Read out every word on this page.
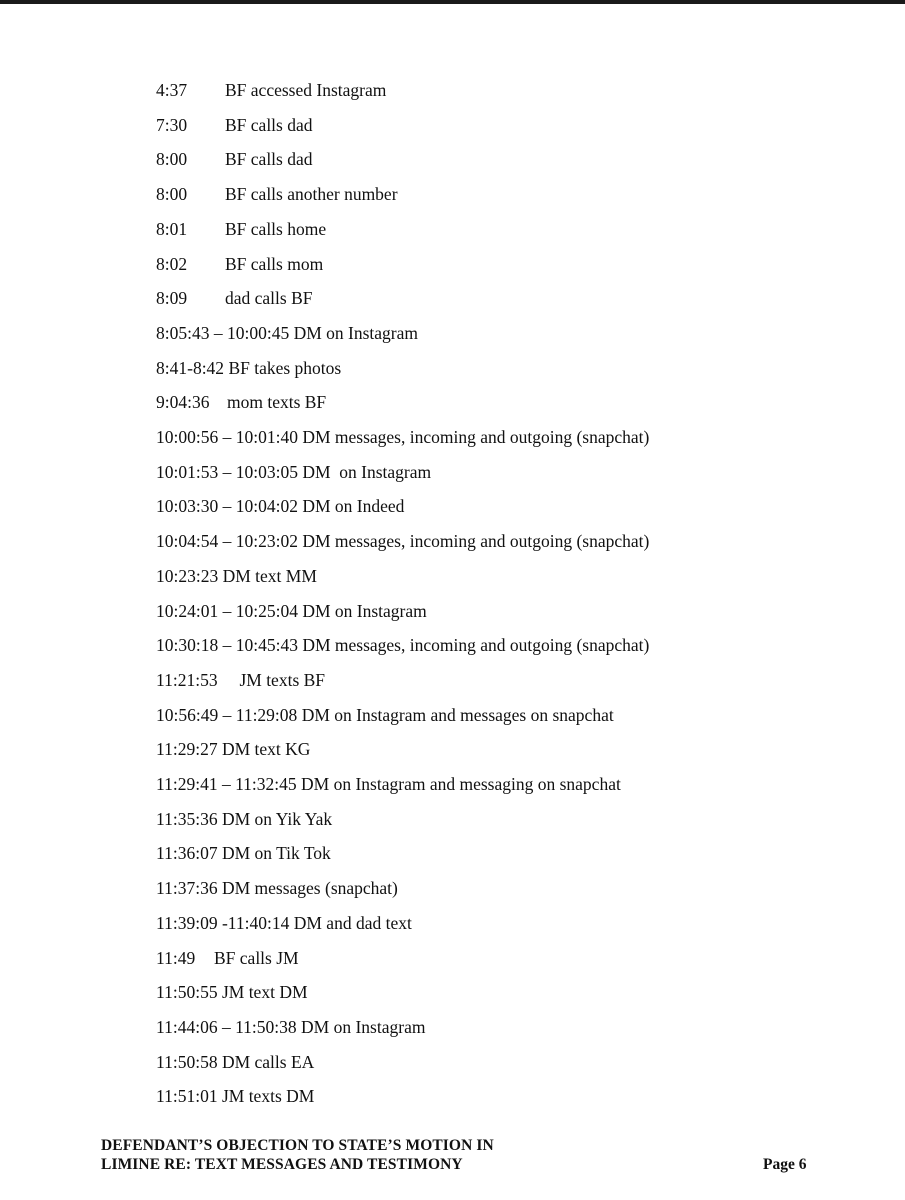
4:37 BF accessed Instagram
7:30 BF calls dad
8:00 BF calls dad
8:00 BF calls another number
8:01 BF calls home
8:02 BF calls mom
8:09 dad calls BF
8:05:43 – 10:00:45 DM on Instagram
8:41-8:42 BF takes photos
9:04:36 mom texts BF
10:00:56 – 10:01:40 DM messages, incoming and outgoing (snapchat)
10:01:53 – 10:03:05 DM  on Instagram
10:03:30 – 10:04:02 DM on Indeed
10:04:54 – 10:23:02 DM messages, incoming and outgoing (snapchat)
10:23:23 DM text MM
10:24:01 – 10:25:04 DM on Instagram
10:30:18 – 10:45:43 DM messages, incoming and outgoing (snapchat)
11:21:53     JM texts BF
10:56:49 – 11:29:08 DM on Instagram and messages on snapchat
11:29:27 DM text KG
11:29:41 – 11:32:45 DM on Instagram and messaging on snapchat
11:35:36 DM on Yik Yak
11:36:07 DM on Tik Tok
11:37:36 DM messages (snapchat)
11:39:09 -11:40:14 DM and dad text
11:49 BF calls JM
11:50:55 JM text DM
11:44:06 – 11:50:38 DM on Instagram
11:50:58 DM calls EA
11:51:01 JM texts DM
DEFENDANT’S OBJECTION TO STATE’S MOTION IN
LIMINE RE: TEXT MESSAGES AND TESTIMONY	Page 6
